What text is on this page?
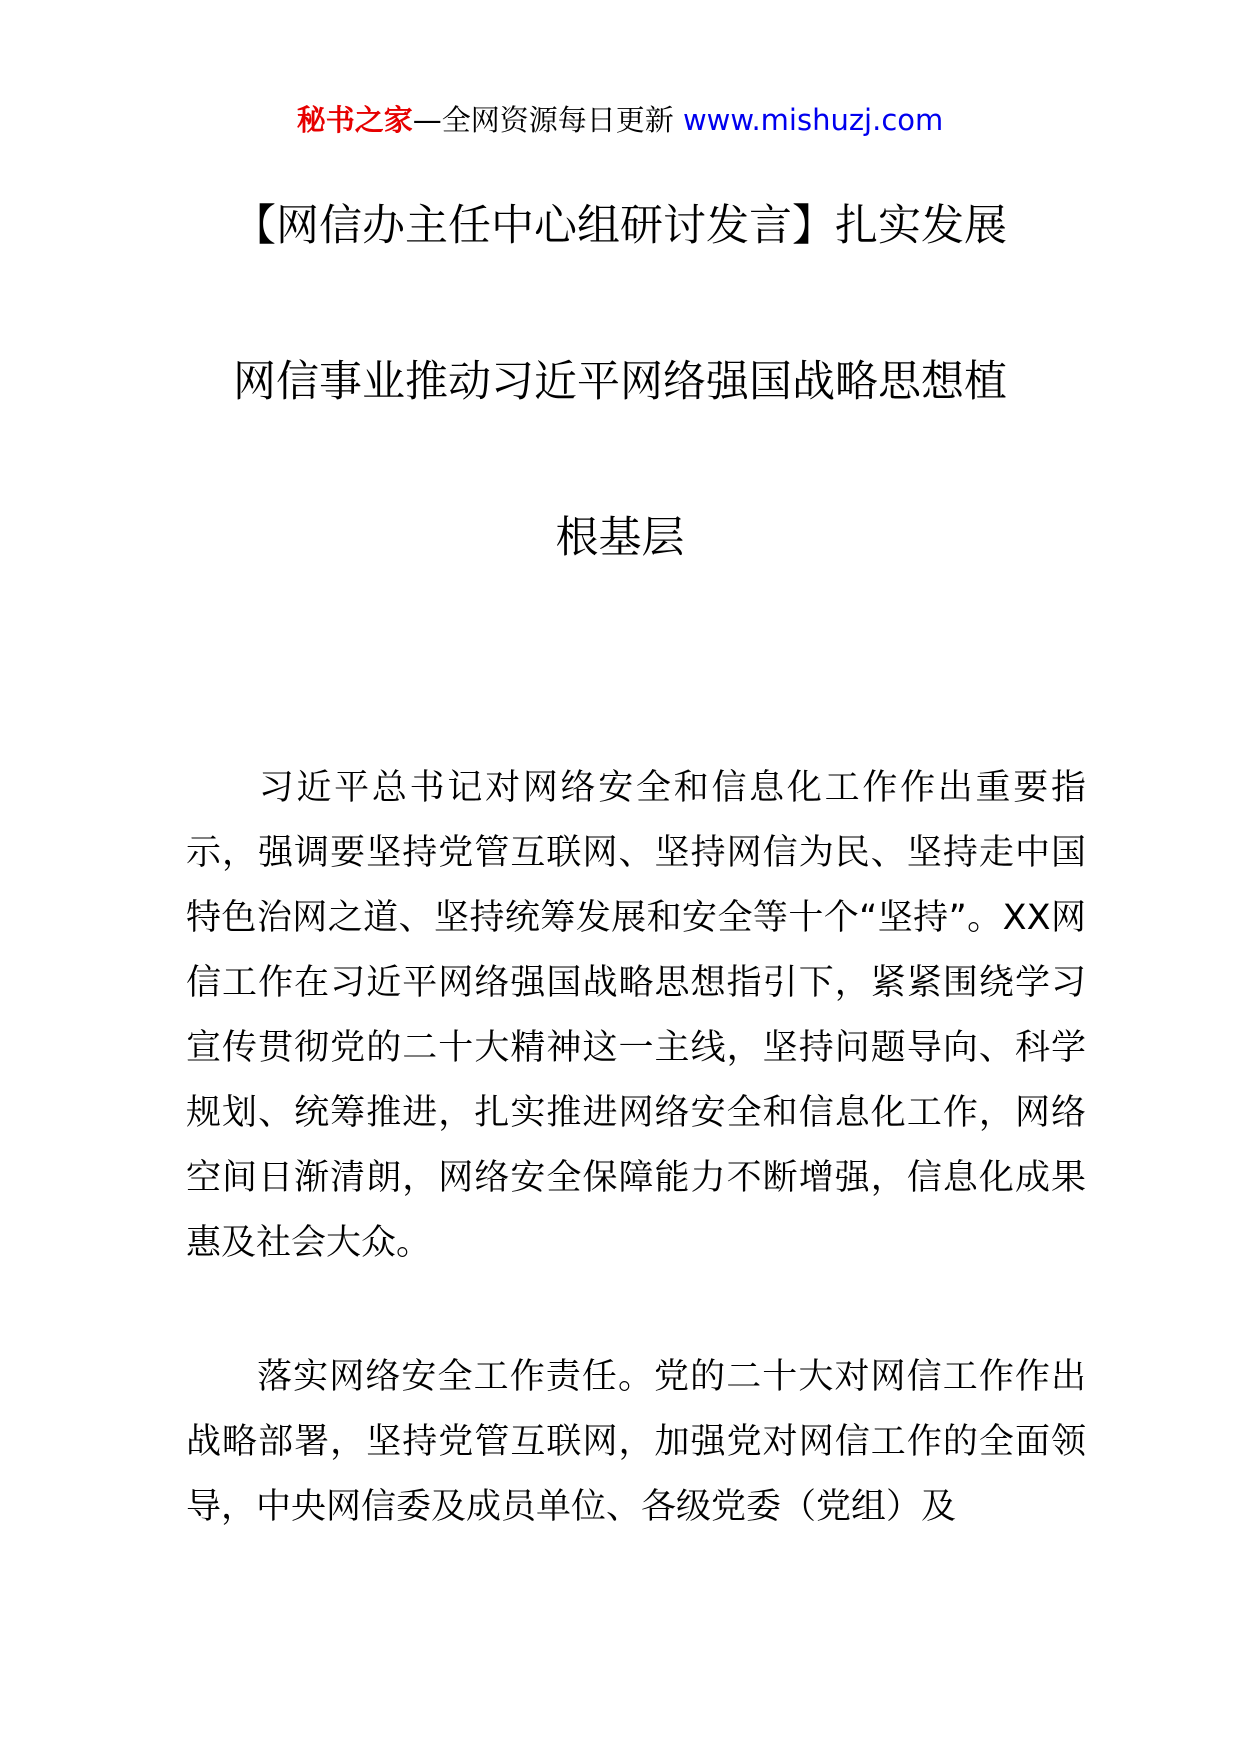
秘书之家—全网资源每日更新 www.mishuzj.com
【网信办主任中心组研讨发言】扎实发展
网信事业推动习近平网络强国战略思想植
根基层

习近平总书记对网络安全和信息化工作作出重要指示，强调要坚持党管互联网、坚持网信为民、坚持走中国特色治网之道、坚持统筹发展和安全等十个“坚持”。XX网信工作在习近平网络强国战略思想指引下，紧紧围绕学习宣传贯彻党的二十大精神这一主线，坚持问题导向、科学规划、统筹推进，扎实推进网络安全和信息化工作，网络空间日渐清朗，网络安全保障能力不断增强，信息化成果惠及社会大众。

落实网络安全工作责任。党的二十大对网信工作作出战略部署，坚持党管互联网，加强党对网信工作的全面领导，中央网信委及成员单位、各级党委（党组）及
